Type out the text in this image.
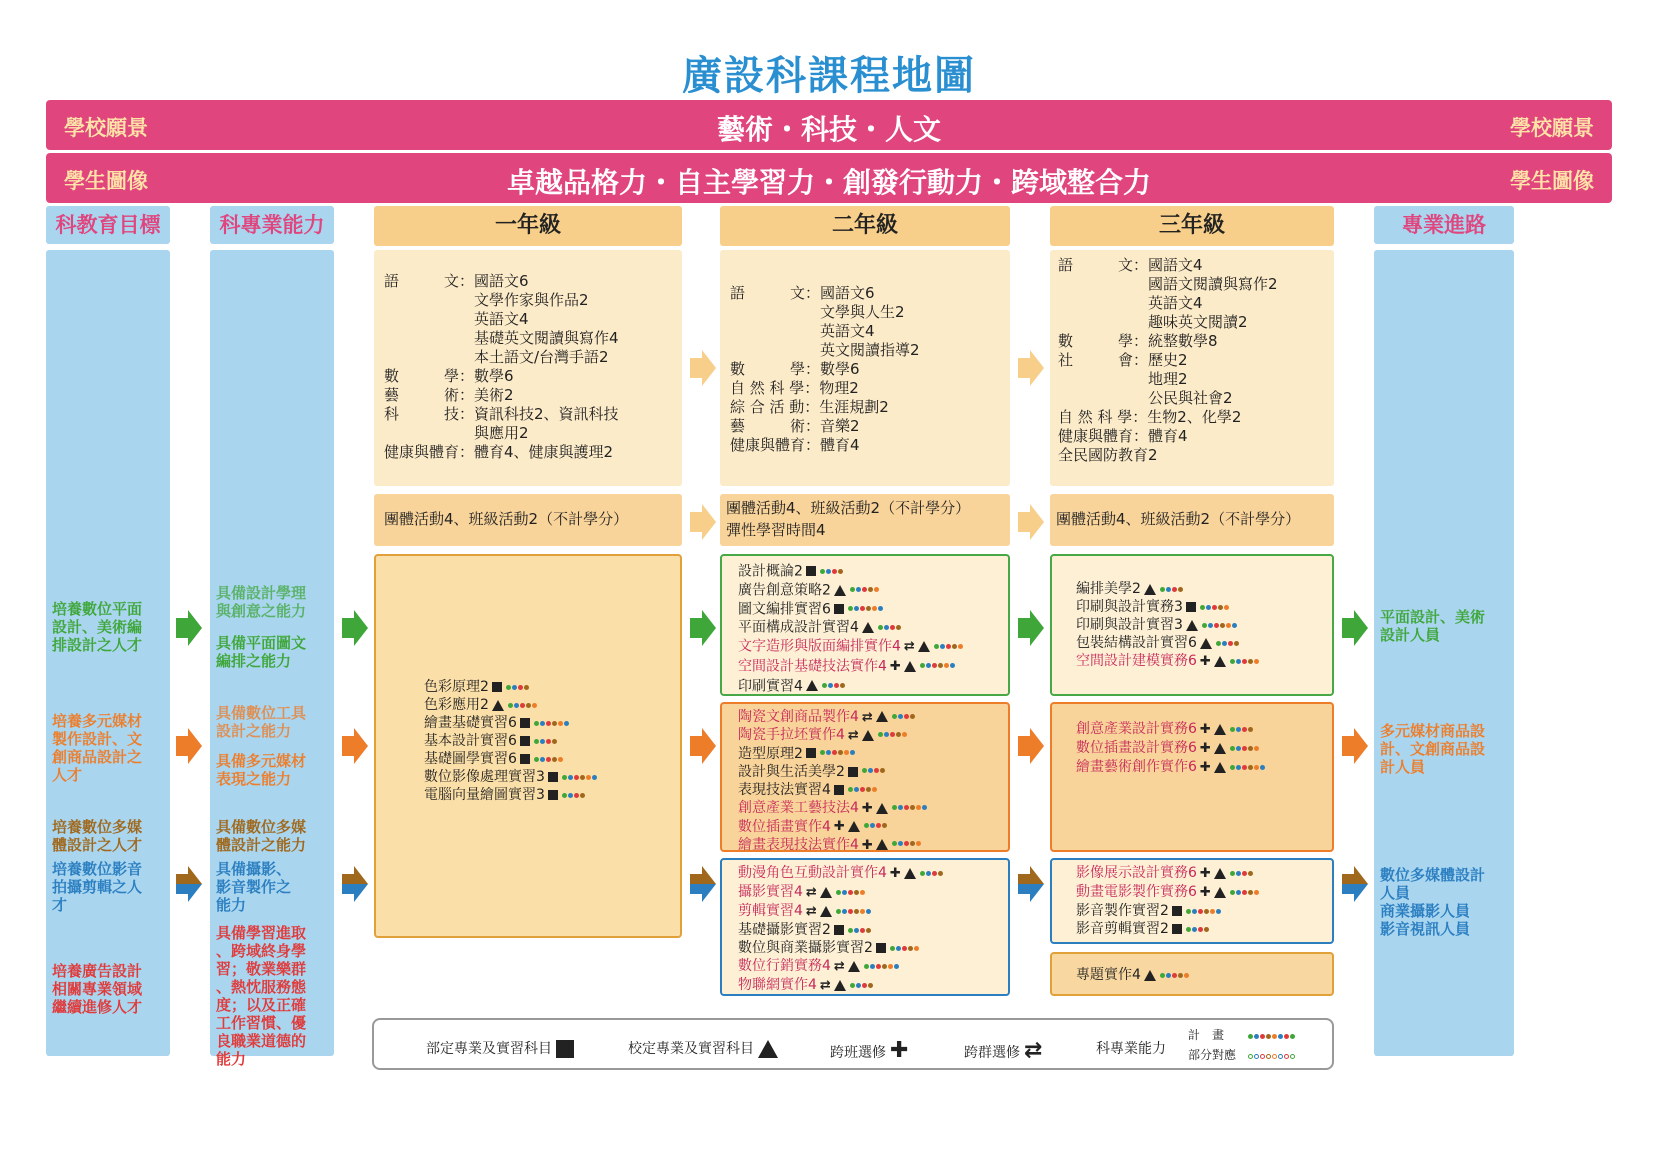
廣設科課程地圖
學校願景	藝術・科技・人文	學校願景
學生圖像	卓越品格力・自主學習力・創發行動力・跨域整合力	學生圖像
科教育目標	科專業能力	一年級	二年級	三年級	專業進路
培養數位平面
設計、美術編
排設計之人才
培養多元媒材
製作設計、文
創商品設計之
人才
培養數位多媒
體設計之人才
培養數位影音
拍攝剪輯之人
才
培養廣告設計
相關專業領域
繼續進修人才
具備設計學理
與創意之能力
具備平面圖文
編排之能力
具備數位工具
設計之能力
具備多元媒材
表現之能力
具備數位多媒
體設計之能力
具備攝影、
影音製作之
能力
具備學習進取
、跨域終身學
習；敬業樂群
、熱忱服務態
度；以及正確
工作習慣、優
良職業道德的
能力
平面設計、美術
設計人員
多元媒材商品設
計、文創商品設
計人員
數位多媒體設計
人員
商業攝影人員
影音視訊人員
語　　　文：國語文6
　　　　　　文學作家與作品2
　　　　　　英語文4
　　　　　　基礎英文閱讀與寫作4
　　　　　　本土語文/台灣手語2
數　　　學：數學6
藝　　　術：美術2
科　　　技：資訊科技2、資訊科技
　　　　　　與應用2
健康與體育：體育4、健康與護理2
語　　　文：國語文6
　　　　　　文學與人生2
　　　　　　英語文4
　　　　　　英文閱讀指導2
數　　　學：數學6
自 然 科 學：物理2
綜 合 活 動：生涯規劃2
藝　　　術：音樂2
健康與體育：體育4
語　　　文：國語文4
　　　　　　國語文閱讀與寫作2
　　　　　　英語文4
　　　　　　趣味英文閱讀2
數　　　學：統整數學8
社　　　會：歷史2
　　　　　　地理2
　　　　　　公民與社會2
自 然 科 學：生物2、化學2
健康與體育：體育4
全民國防教育2
團體活動4、班級活動2（不計學分）
團體活動4、班級活動2（不計學分）
彈性學習時間4
團體活動4、班級活動2（不計學分）
色彩原理2
色彩應用2
繪畫基礎實習6
基本設計實習6
基礎圖學實習6
數位影像處理實習3
電腦向量繪圖實習3
設計概論2
廣告創意策略2
圖文編排實習6
平面構成設計實習4
文字造形與版面編排實作4 ⇄
空間設計基礎技法實作4 ✚
印刷實習4
陶瓷文創商品製作4 ⇄
陶瓷手拉坯實作4 ⇄
造型原理2
設計與生活美學2
表現技法實習4
創意產業工藝技法4 ✚
數位插畫實作4 ✚
繪畫表現技法實作4 ✚
動漫角色互動設計實作4 ✚
攝影實習4 ⇄
剪輯實習4 ⇄
基礎攝影實習2
數位與商業攝影實習2
數位行銷實務4 ⇄
物聯網實作4 ⇄
編排美學2
印刷與設計實務3
印刷與設計實習3
包裝結構設計實習6
空間設計建模實務6 ✚
創意產業設計實務6 ✚
數位插畫設計實務6 ✚
繪畫藝術創作實作6 ✚
影像展示設計實務6 ✚
動畫電影製作實務6 ✚
影音製作實習2
影音剪輯實習2
專題實作4
部定專業及實習科目	校定專業及實習科目	跨班選修 ✚	跨群選修 ⇄	科專業能力
計　畫
部分對應
